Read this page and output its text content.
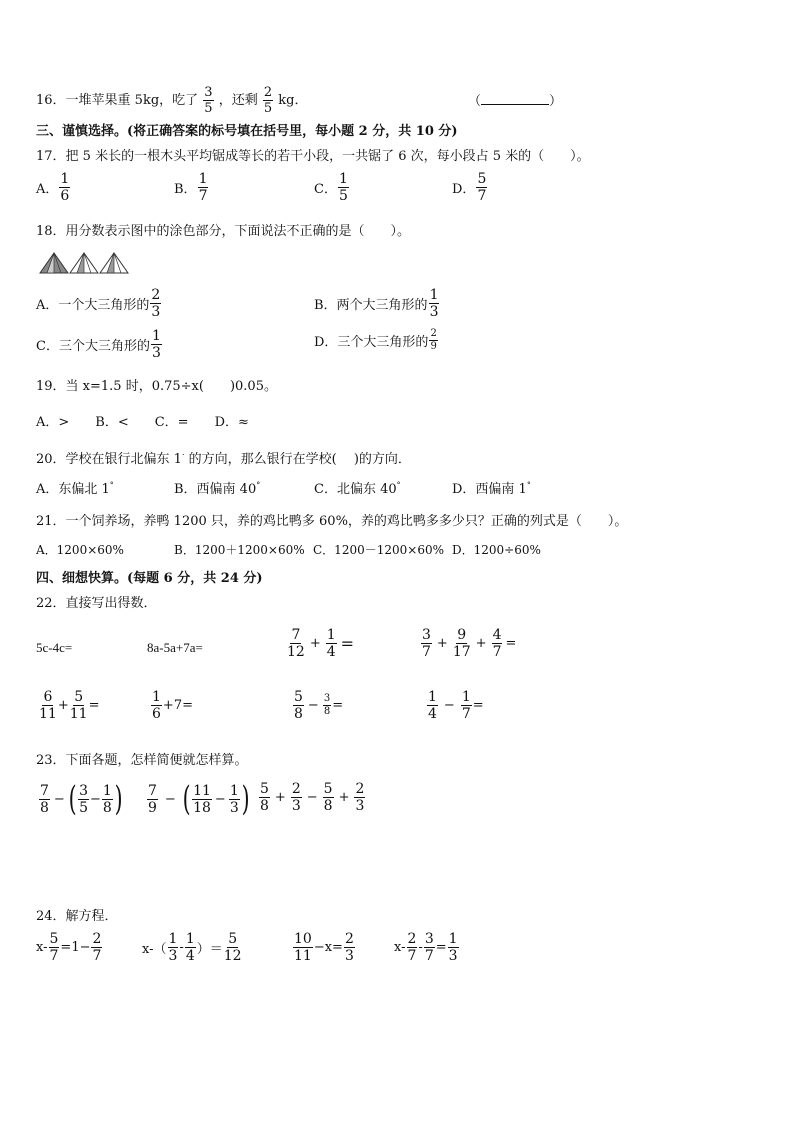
16．一堆苹果重 5kg，吃了 $\frac{3}{5}$ ，还剩 $\frac{2}{5}$ kg．	（	）
三、谨慎选择。(将正确答案的标号填在括号里，每小题 2 分，共 10 分)
17．把 5 米长的一根木头平均锯成等长的若干小段，一共锯了 6 次，每小段占 5 米的（　　）。
A． $\frac{1}{6}$	B． $\frac{1}{7}$	C． $\frac{1}{5}$	D． $\frac{5}{7}$
18．用分数表示图中的涂色部分，下面说法不正确的是（　　）。
A．一个大三角形的 $\frac{2}{3}$	B．两个大三角形的 $\frac{1}{3}$
C．三个大三角形的 $\frac{1}{3}$	D．三个大三角形的 $\frac{2}{9}$
19．当 x=1.5 时，0.75÷x(　　)0.05。
A．>　　B．<　　C．=　　D．≈
20．学校在银行北偏东 1· 的方向，那么银行在学校(　 )的方向．
A．东偏北 1°	B．西偏南 40°	C．北偏东 40°	D．西偏南 1°
21．一个饲养场，养鸭 1200 只，养的鸡比鸭多 60%，养的鸡比鸭多多少只？正确的列式是（　　）。
A．1200×60%	B．1200＋1200×60% C．1200－1200×60% D．1200÷60%
四、细想快算。(每题 6 分，共 24 分)
22．直接写出得数．
5c-4c=	8a-5a+7a=	$\frac{7}{12} + \frac{1}{4}$ =	$\frac{3}{7} + \frac{9}{17} + \frac{4}{7}$ =
$\frac{6}{11} + \frac{5}{11}$ =	$\frac{1}{6} +7=$	$\frac{5}{8} - \frac{3}{8}$ =	$\frac{1}{4} - \frac{1}{7}$ =
23．下面各题，怎样简便就怎样算。
$\frac{7}{8}$ − ( $\frac{3}{5} - \frac{1}{8}$ ) $\frac{7}{9}$ − ( $\frac{11}{18} - \frac{1}{3}$ ) $\frac{5}{8} + \frac{2}{3} - \frac{5}{8} + \frac{2}{3}$
24．解方程．
$x- \frac{5}{7} =1- \frac{2}{7}$	$x-( \frac{1}{3} - \frac{1}{4}$ ）＝ $\frac{5}{12}$	$\frac{10}{11} -x= \frac{2}{3}$	$x- \frac{2}{7} - \frac{3}{7} = \frac{1}{3}$
